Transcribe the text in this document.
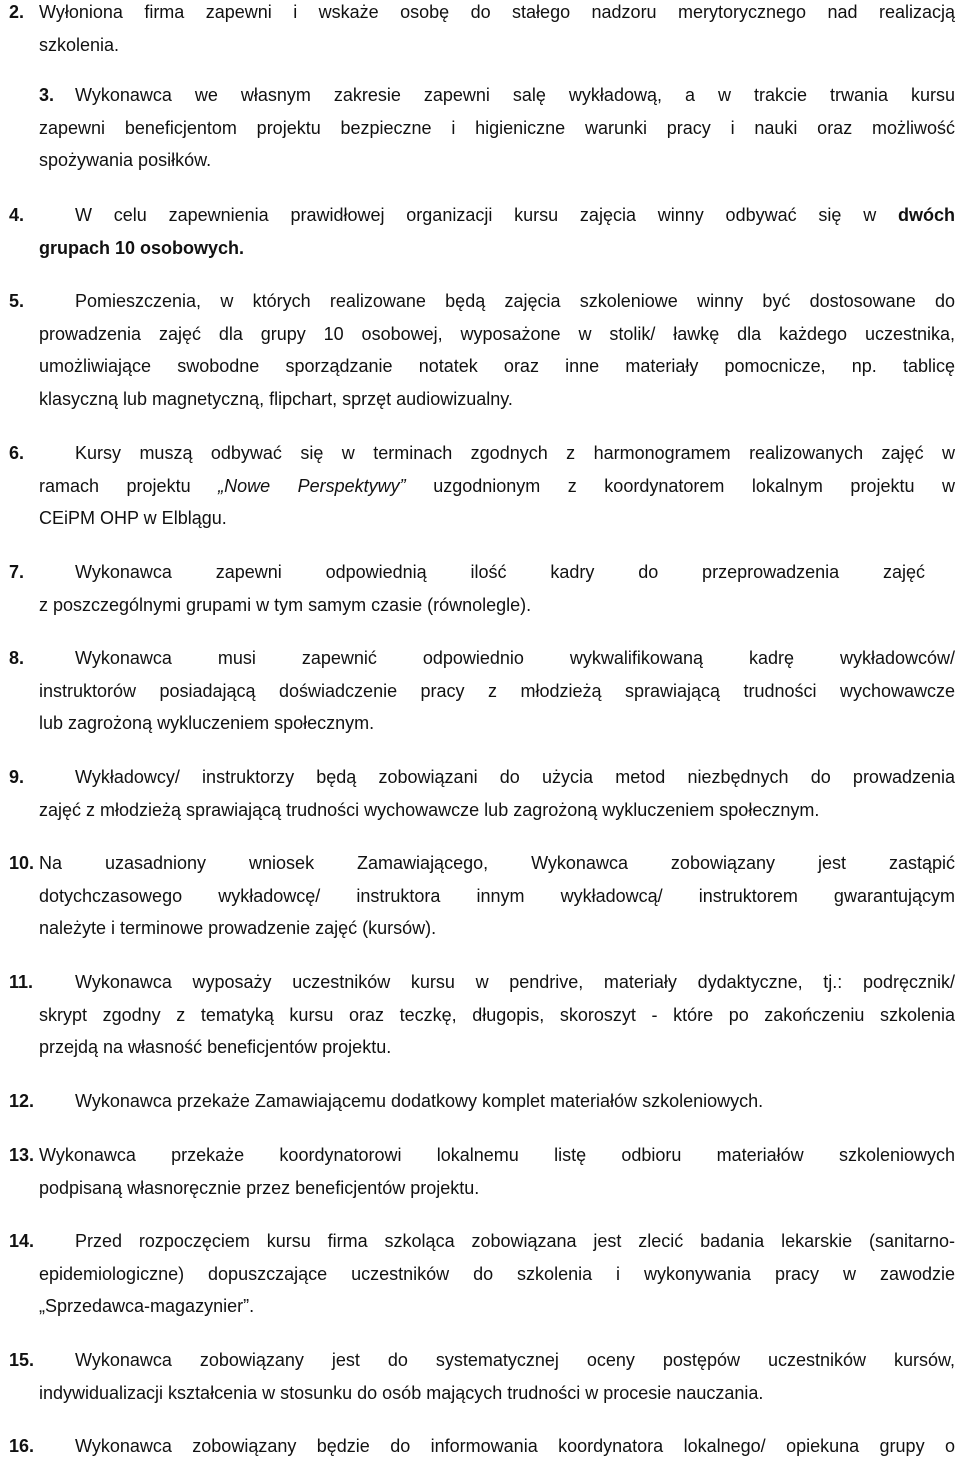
2. Wyłoniona firma zapewni i wskaże osobę do stałego nadzoru merytorycznego nad realizacją
szkolenia.
3. Wykonawca we własnym zakresie zapewni salę wykładową, a w trakcie trwania kursu
zapewni beneficjentom projektu bezpieczne i higieniczne warunki pracy i nauki oraz możliwość
spożywania posiłków.
4.	W celu zapewnienia prawidłowej organizacji kursu zajęcia winny odbywać się w dwóch
grupach 10 osobowych.
5.	Pomieszczenia, w których realizowane będą zajęcia szkoleniowe winny być dostosowane do
prowadzenia zajęć dla grupy 10 osobowej, wyposażone w stolik/ ławkę dla każdego uczestnika,
umożliwiające swobodne sporządzanie notatek oraz inne materiały pomocnicze, np. tablicę
klasyczną lub magnetyczną, flipchart, sprzęt audiowizualny.
6.	Kursy muszą odbywać się w terminach zgodnych z harmonogramem realizowanych zajęć w
ramach projektu „Nowe Perspektywy” uzgodnionym z koordynatorem lokalnym projektu w
CEiPM OHP w Elblągu.
7.	Wykonawca zapewni odpowiednią ilość kadry do przeprowadzenia zajęć
z poszczególnymi grupami w tym samym czasie (równolegle).
8.	Wykonawca musi zapewnić odpowiednio wykwalifikowaną kadrę wykładowców/
instruktorów posiadającą doświadczenie pracy z młodzieżą sprawiającą trudności wychowawcze
lub zagrożoną wykluczeniem społecznym.
9.	Wykładowcy/ instruktorzy będą zobowiązani do użycia metod niezbędnych do prowadzenia
zajęć z młodzieżą sprawiającą trudności wychowawcze lub zagrożoną wykluczeniem społecznym.
10. Na uzasadniony wniosek Zamawiającego, Wykonawca zobowiązany jest zastąpić
dotychczasowego wykładowcę/ instruktora innym wykładowcą/ instruktorem gwarantującym
należyte i terminowe prowadzenie zajęć (kursów).
11. Wykonawca wyposaży uczestników kursu w pendrive, materiały dydaktyczne, tj.: podręcznik/
skrypt zgodny z tematyką kursu oraz teczkę, długopis, skoroszyt - które po zakończeniu szkolenia
przejdą na własność beneficjentów projektu.
12. Wykonawca przekaże Zamawiającemu dodatkowy komplet materiałów szkoleniowych.
13. Wykonawca przekaże koordynatorowi lokalnemu listę odbioru materiałów szkoleniowych
podpisaną własnoręcznie przez beneficjentów projektu.
14. Przed rozpoczęciem kursu firma szkoląca zobowiązana jest zlecić badania lekarskie (sanitarno-
epidemiologiczne) dopuszczające uczestników do szkolenia i wykonywania pracy w zawodzie
„Sprzedawca-magazynier”.
15. Wykonawca zobowiązany jest do systematycznej oceny postępów uczestników kursów,
indywidualizacji kształcenia w stosunku do osób mających trudności w procesie nauczania.
16. Wykonawca zobowiązany będzie do informowania koordynatora lokalnego/ opiekuna grupy o
